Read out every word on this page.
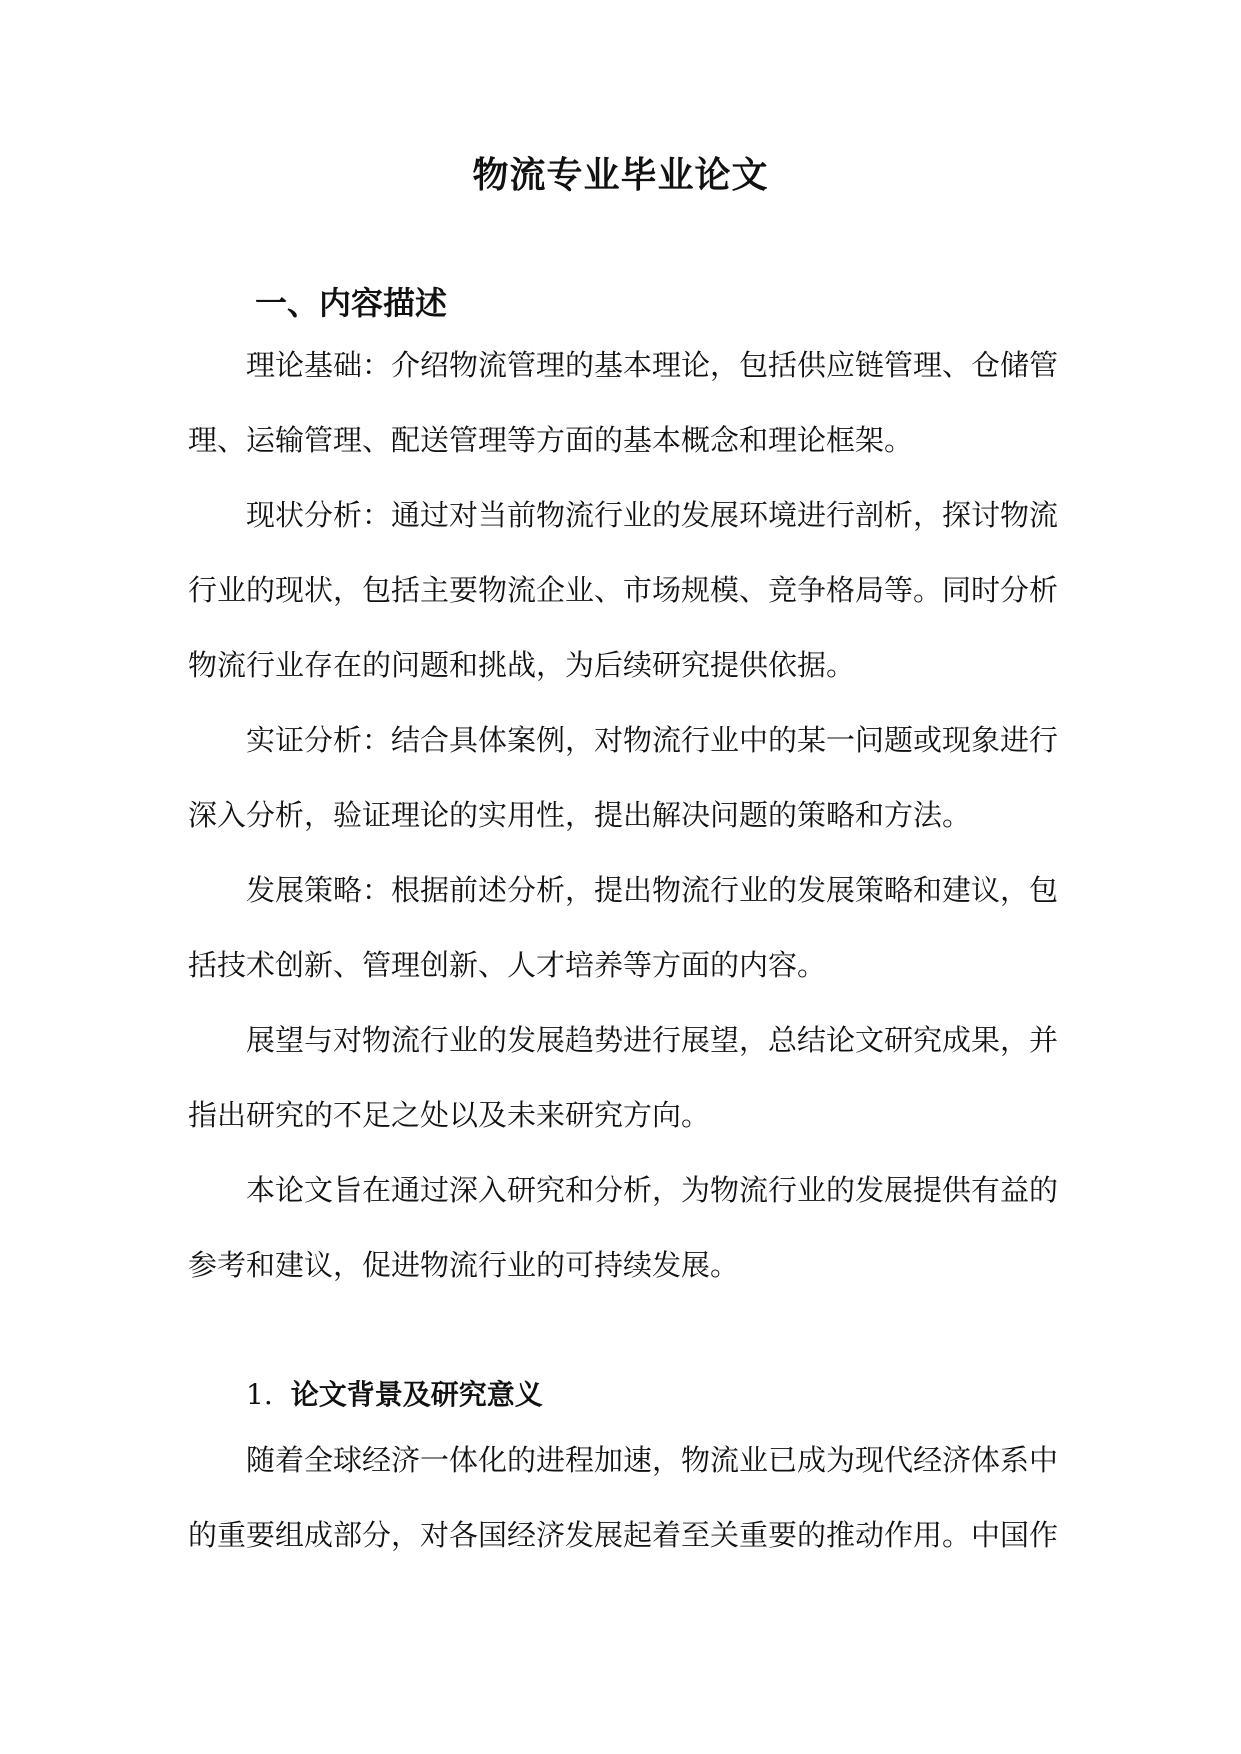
物流专业毕业论文
一、内容描述

理论基础：介绍物流管理的基本理论，包括供应链管理、仓储管理、运输管理、配送管理等方面的基本概念和理论框架。

现状分析：通过对当前物流行业的发展环境进行剖析，探讨物流行业的现状，包括主要物流企业、市场规模、竞争格局等。同时分析物流行业存在的问题和挑战，为后续研究提供依据。

实证分析：结合具体案例，对物流行业中的某一问题或现象进行深入分析，验证理论的实用性，提出解决问题的策略和方法。

发展策略：根据前述分析，提出物流行业的发展策略和建议，包括技术创新、管理创新、人才培养等方面的内容。

展望与对物流行业的发展趋势进行展望，总结论文研究成果，并指出研究的不足之处以及未来研究方向。

本论文旨在通过深入研究和分析，为物流行业的发展提供有益的参考和建议，促进物流行业的可持续发展。

1. 论文背景及研究意义

随着全球经济一体化的进程加速，物流业已成为现代经济体系中的重要组成部分，对各国经济发展起着至关重要的推动作用。中国作
